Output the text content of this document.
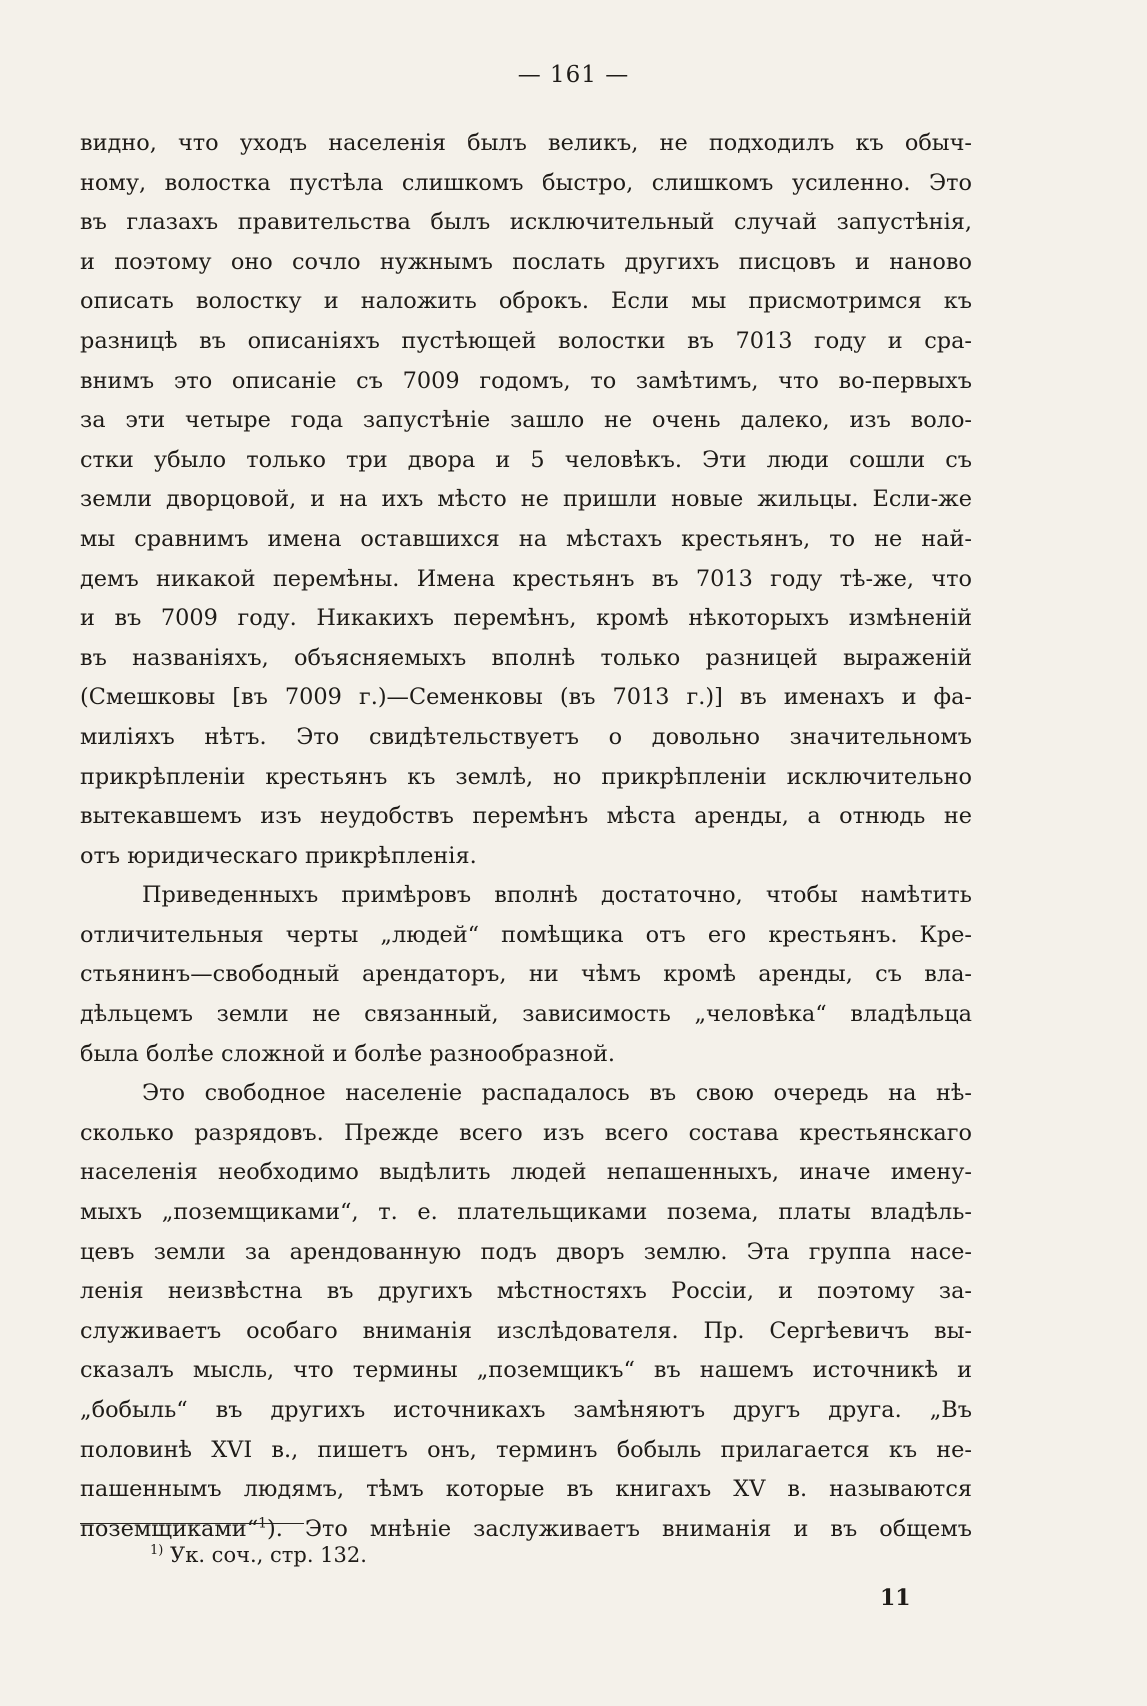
— 161 —
видно, что уходъ населенія былъ великъ, не подходилъ къ обыч-
ному, волостка пустѣла слишкомъ быстро, слишкомъ усиленно. Это
въ глазахъ правительства былъ исключительный случай запустѣнія,
и поэтому оно сочло нужнымъ послать другихъ писцовъ и наново
описать волостку и наложить оброкъ. Если мы присмотримся къ
разницѣ въ описаніяхъ пустѣющей волостки въ 7013 году и сра-
внимъ это описаніе съ 7009 годомъ, то замѣтимъ, что во-первыхъ
за эти четыре года запустѣніе зашло не очень далеко, изъ воло-
стки убыло только три двора и 5 человѣкъ. Эти люди сошли съ
земли дворцовой, и на ихъ мѣсто не пришли новые жильцы. Если-же
мы сравнимъ имена оставшихся на мѣстахъ крестьянъ, то не най-
демъ никакой перемѣны. Имена крестьянъ въ 7013 году тѣ-же, что
и въ 7009 году. Никакихъ перемѣнъ, кромѣ нѣкоторыхъ измѣненій
въ названіяхъ, объясняемыхъ вполнѣ только разницей выраженій
(Смешковы [въ 7009 г.)—Семенковы (въ 7013 г.)] въ именахъ и фа-
миліяхъ нѣтъ. Это свидѣтельствуетъ о довольно значительномъ
прикрѣпленіи крестьянъ къ землѣ, но прикрѣпленіи исключительно
вытекавшемъ изъ неудобствъ перемѣнъ мѣста аренды, а отнюдь не
отъ юридическаго прикрѣпленія.
Приведенныхъ примѣровъ вполнѣ достаточно, чтобы намѣтить
отличительныя черты „людей“ помѣщика отъ его крестьянъ. Кре-
стьянинъ—свободный арендаторъ, ни чѣмъ кромѣ аренды, съ вла-
дѣльцемъ земли не связанный, зависимость „человѣка“ владѣльца
была болѣе сложной и болѣе разнообразной.
Это свободное населеніе распадалось въ свою очередь на нѣ-
сколько разрядовъ. Прежде всего изъ всего состава крестьянскаго
населенія необходимо выдѣлить людей непашенныхъ, иначе имену-
мыхъ „поземщиками“, т. е. плательщиками позема, платы владѣль-
цевъ земли за арендованную подъ дворъ землю. Эта группа насе-
ленія неизвѣстна въ другихъ мѣстностяхъ Россіи, и поэтому за-
служиваетъ особаго вниманія изслѣдователя. Пр. Сергѣевичъ вы-
сказалъ мысль, что термины „поземщикъ“ въ нашемъ источникѣ и
„бобыль“ въ другихъ источникахъ замѣняютъ другъ друга. „Въ
половинѣ XVI в., пишетъ онъ, терминъ бобыль прилагается къ не-
пашеннымъ людямъ, тѣмъ которые въ книгахъ XV в. называются
поземщиками“$^1$). Это мнѣніе заслуживаетъ вниманія и въ общемъ
$^{1)}$ Ук. соч., стр. 132.
11
